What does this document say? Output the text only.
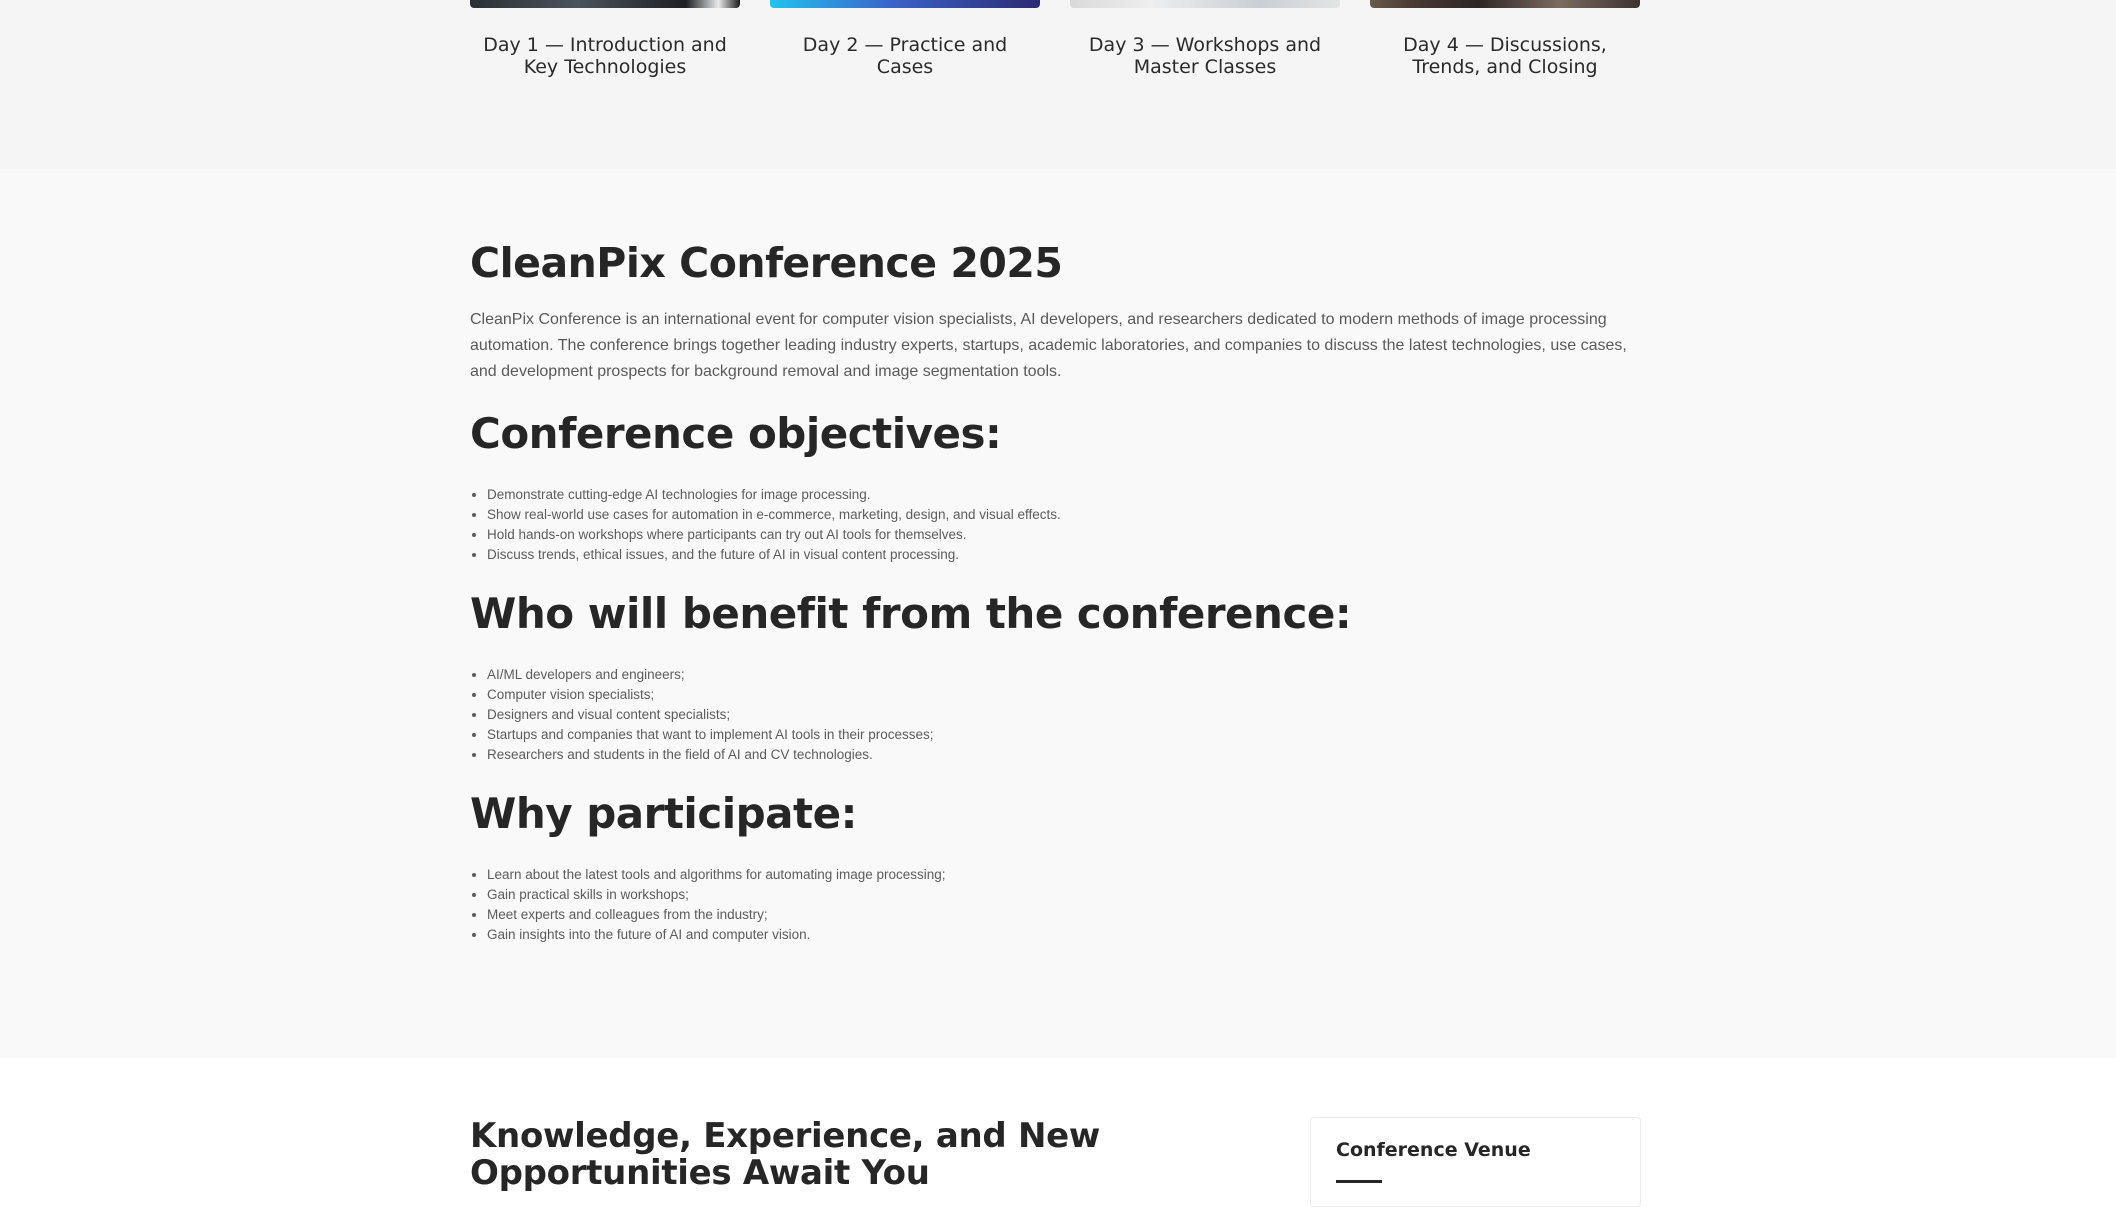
Day 1 — Introduction and Key Technologies
Day 2 — Practice and Cases
Day 3 — Workshops and Master Classes
Day 4 — Discussions, Trends, and Closing
CleanPix Conference 2025

CleanPix Conference is an international event for computer vision specialists, AI developers, and researchers dedicated to modern methods of image processing automation. The conference brings together leading industry experts, startups, academic laboratories, and companies to discuss the latest technologies, use cases, and development prospects for background removal and image segmentation tools.

Conference objectives:
Demonstrate cutting-edge AI technologies for image processing.
Show real-world use cases for automation in e-commerce, marketing, design, and visual effects.
Hold hands-on workshops where participants can try out AI tools for themselves.
Discuss trends, ethical issues, and the future of AI in visual content processing.
Who will benefit from the conference:
AI/ML developers and engineers;
Computer vision specialists;
Designers and visual content specialists;
Startups and companies that want to implement AI tools in their processes;
Researchers and students in the field of AI and CV technologies.
Why participate:
Learn about the latest tools and algorithms for automating image processing;
Gain practical skills in workshops;
Meet experts and colleagues from the industry;
Gain insights into the future of AI and computer vision.
Knowledge, Experience, and New Opportunities Await You
Conference Venue
